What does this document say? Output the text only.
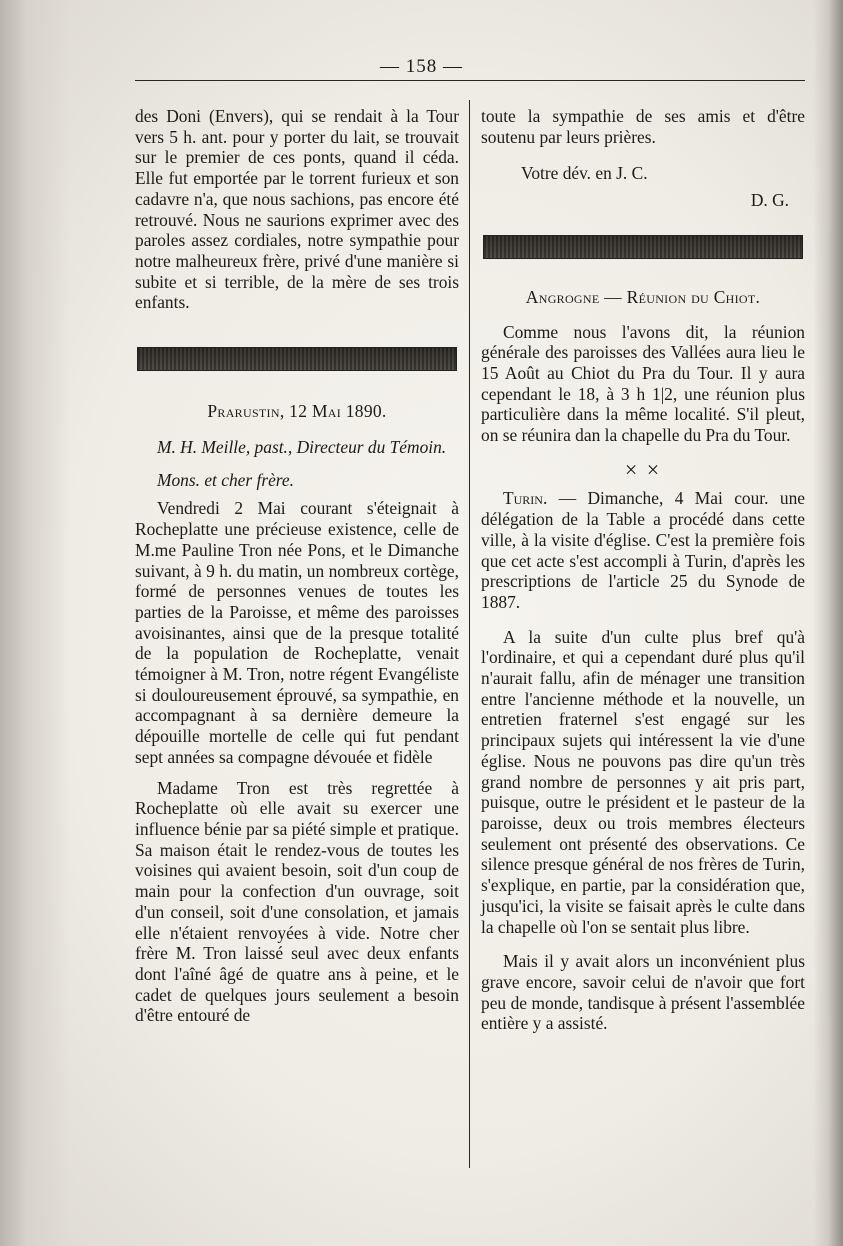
— 158 —

des Doni (Envers), qui se rendait à la Tour vers 5 h. ant. pour y porter du lait, se trouvait sur le premier de ces ponts, quand il céda. Elle fut emportée par le torrent furieux et son cadavre n'a, que nous sachions, pas encore été retrouvé. Nous ne saurions exprimer avec des paroles assez cordiales, notre sympathie pour notre malheureux frère, privé d'une manière si subite et si terrible, de la mère de ses trois enfants.

Prarustin, 12 Mai 1890.

M. H. Meille, past., Directeur du Témoin.

Mons. et cher frère.

Vendredi 2 Mai courant s'éteignait à Rocheplatte une précieuse existence, celle de M.me Pauline Tron née Pons, et le Dimanche suivant, à 9 h. du matin, un nombreux cortège, formé de personnes venues de toutes les parties de la Paroisse, et même des paroisses avoisinantes, ainsi que de la presque totalité de la population de Rocheplatte, venait témoigner à M. Tron, notre régent Evangéliste si douloureusement éprouvé, sa sympathie, en accompagnant à sa dernière demeure la dépouille mortelle de celle qui fut pendant sept années sa compagne dévouée et fidèle

Madame Tron est très regrettée à Rocheplatte où elle avait su exercer une influence bénie par sa piété simple et pratique. Sa maison était le rendez-vous de toutes les voisines qui avaient besoin, soit d'un coup de main pour la confection d'un ouvrage, soit d'un conseil, soit d'une consolation, et jamais elle n'étaient renvoyées à vide. Notre cher frère M. Tron laissé seul avec deux enfants dont l'aîné âgé de quatre ans à peine, et le cadet de quelques jours seulement a besoin d'être entouré de

toute la sympathie de ses amis et d'être soutenu par leurs prières.

Votre dév. en J. C.

D. G.

Angrogne — Réunion du Chiot.

Comme nous l'avons dit, la réunion générale des paroisses des Vallées aura lieu le 15 Août au Chiot du Pra du Tour. Il y aura cependant le 18, à 3 h 1|2, une réunion plus particulière dans la même localité. S'il pleut, on se réunira dan la chapelle du Pra du Tour.

× ×

Turin. — Dimanche, 4 Mai cour. une délégation de la Table a procédé dans cette ville, à la visite d'église. C'est la première fois que cet acte s'est accompli à Turin, d'après les prescriptions de l'article 25 du Synode de 1887.

A la suite d'un culte plus bref qu'à l'ordinaire, et qui a cependant duré plus qu'il n'aurait fallu, afin de ménager une transition entre l'ancienne méthode et la nouvelle, un entretien fraternel s'est engagé sur les principaux sujets qui intéressent la vie d'une église. Nous ne pouvons pas dire qu'un très grand nombre de personnes y ait pris part, puisque, outre le président et le pasteur de la paroisse, deux ou trois membres électeurs seulement ont présenté des observations. Ce silence presque général de nos frères de Turin, s'explique, en partie, par la considération que, jusqu'ici, la visite se faisait après le culte dans la chapelle où l'on se sentait plus libre.

Mais il y avait alors un inconvénient plus grave encore, savoir celui de n'avoir que fort peu de monde, tandisque à présent l'assemblée entière y a assisté.
